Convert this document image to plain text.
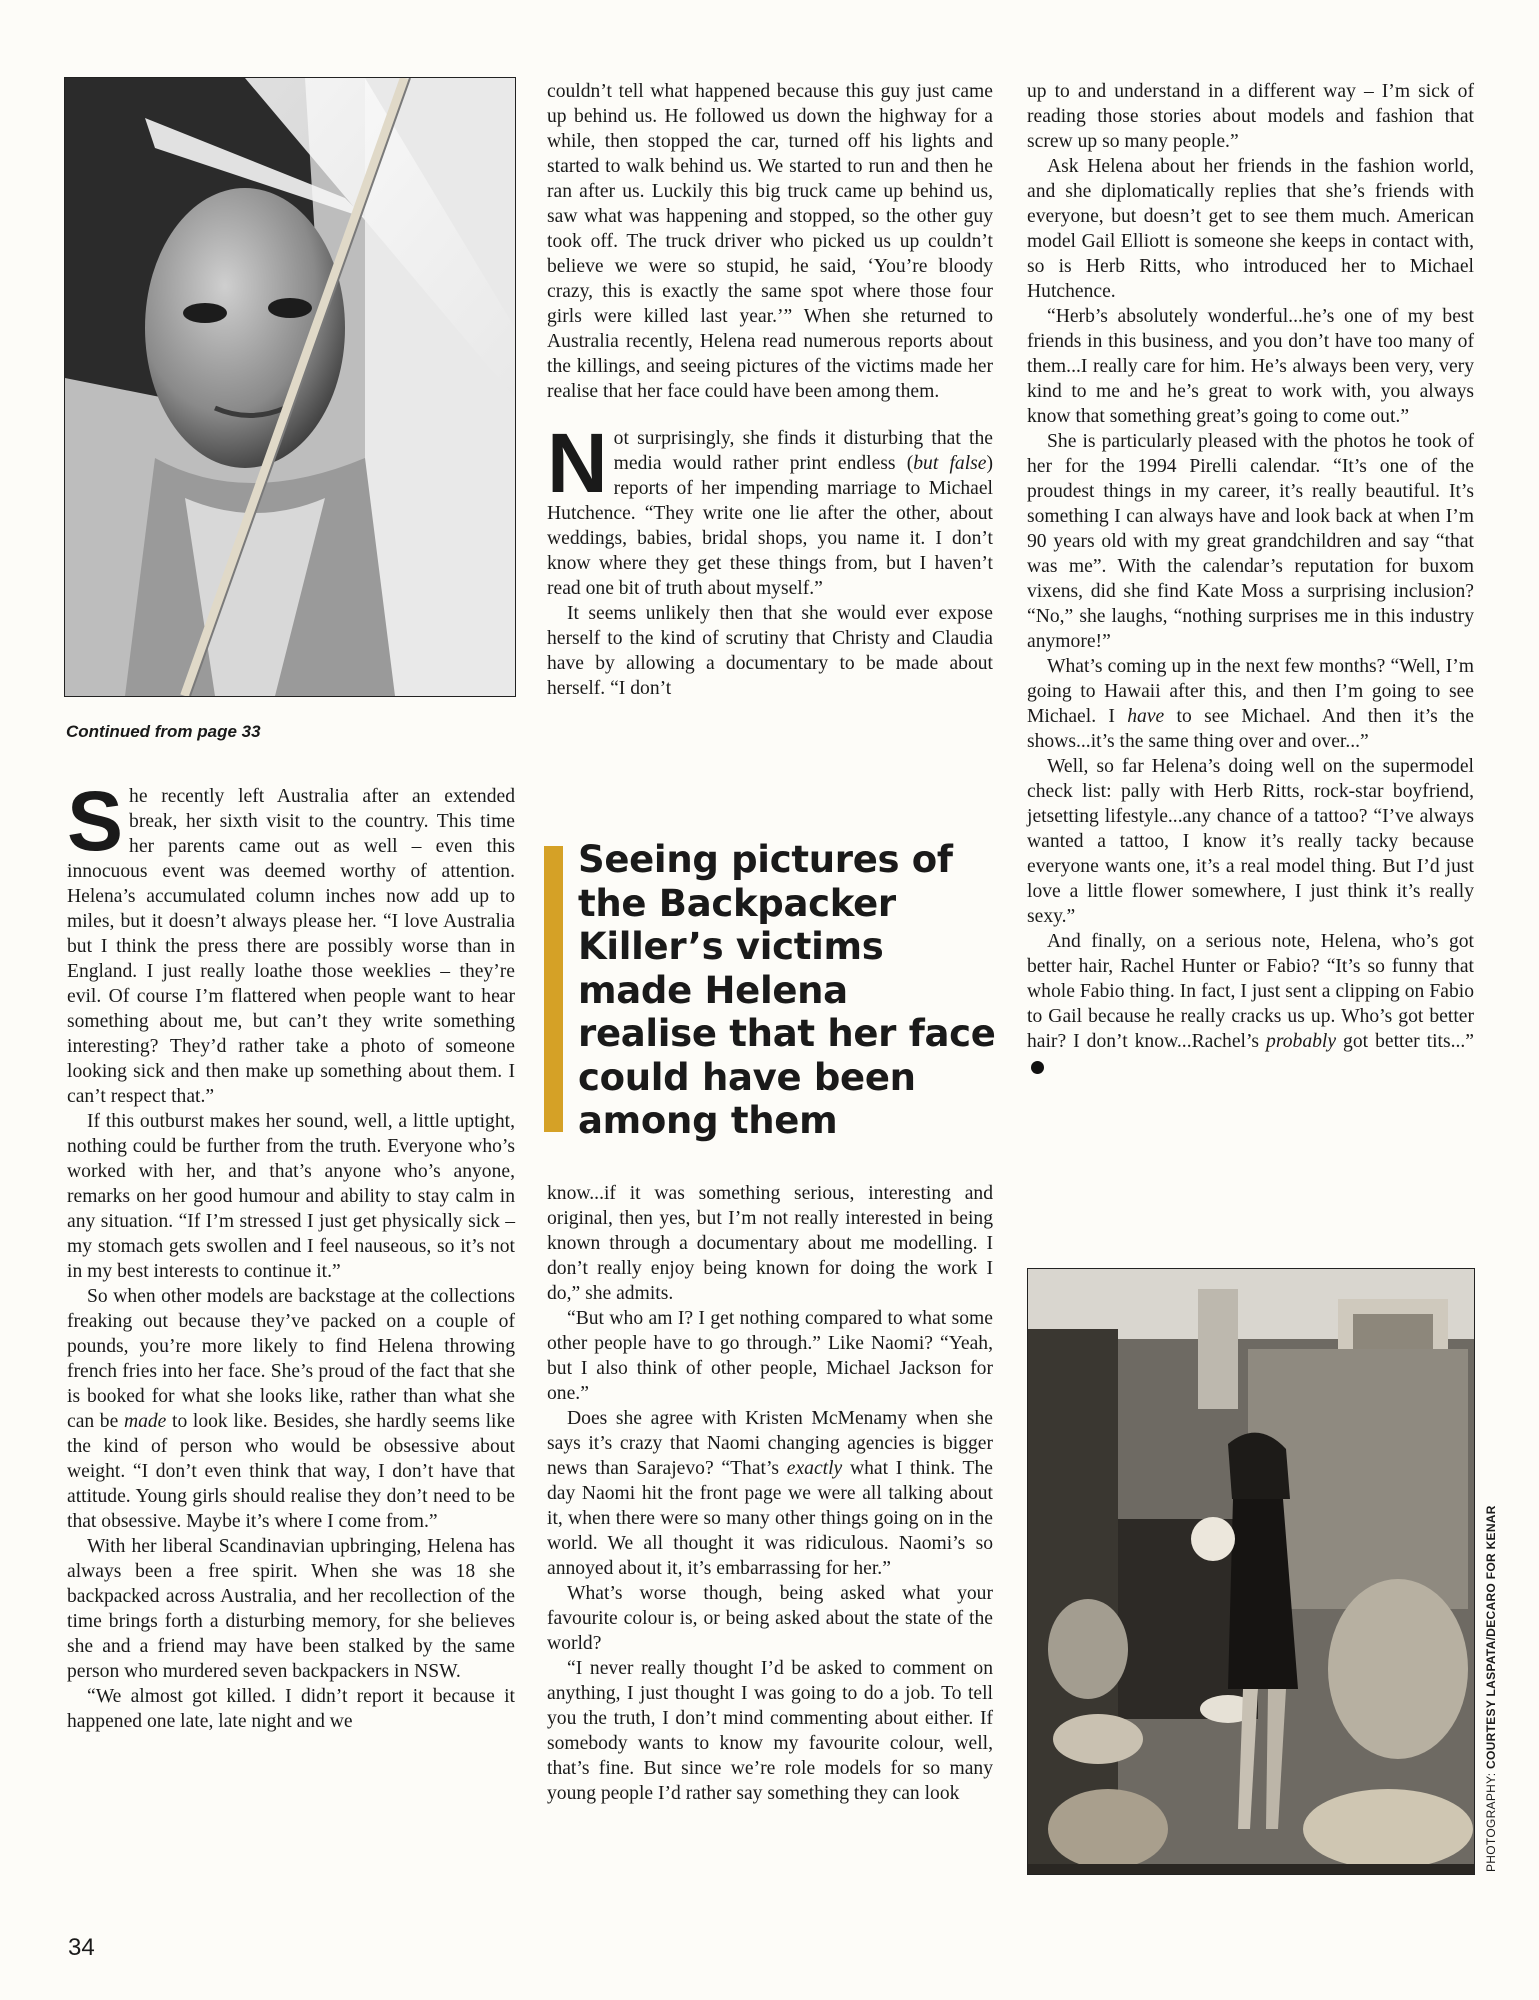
Continued from page 33

She recently left Australia after an extended break, her sixth visit to the country. This time her parents came out as well – even this innocuous event was deemed worthy of attention. Helena’s accumulated column inches now add up to miles, but it doesn’t always please her. “I love Australia but I think the press there are possibly worse than in England. I just really loathe those weeklies – they’re evil. Of course I’m flattered when people want to hear something about me, but can’t they write something interesting? They’d rather take a photo of someone looking sick and then make up something about them. I can’t respect that.”

If this outburst makes her sound, well, a little uptight, nothing could be further from the truth. Everyone who’s worked with her, and that’s anyone who’s anyone, remarks on her good humour and ability to stay calm in any situation. “If I’m stressed I just get physically sick – my stomach gets swollen and I feel nauseous, so it’s not in my best interests to continue it.”

So when other models are backstage at the collections freaking out because they’ve packed on a couple of pounds, you’re more likely to find Helena throwing french fries into her face. She’s proud of the fact that she is booked for what she looks like, rather than what she can be made to look like. Besides, she hardly seems like the kind of person who would be obsessive about weight. “I don’t even think that way, I don’t have that attitude. Young girls should realise they don’t need to be that obsessive. Maybe it’s where I come from.”

With her liberal Scandinavian upbringing, Helena has always been a free spirit. When she was 18 she backpacked across Australia, and her recollection of the time brings forth a disturbing memory, for she believes she and a friend may have been stalked by the same person who murdered seven backpackers in NSW.

“We almost got killed. I didn’t report it because it happened one late, late night and we

couldn’t tell what happened because this guy just came up behind us. He followed us down the highway for a while, then stopped the car, turned off his lights and started to walk behind us. We started to run and then he ran after us. Luckily this big truck came up behind us, saw what was happening and stopped, so the other guy took off. The truck driver who picked us up couldn’t believe we were so stupid, he said, ‘You’re bloody crazy, this is exactly the same spot where those four girls were killed last year.’” When she returned to Australia recently, Helena read numerous reports about the killings, and seeing pictures of the victims made her realise that her face could have been among them.

Not surprisingly, she finds it disturbing that the media would rather print endless (but false) reports of her impending marriage to Michael Hutchence. “They write one lie after the other, about weddings, babies, bridal shops, you name it. I don’t know where they get these things from, but I haven’t read one bit of truth about myself.”

It seems unlikely then that she would ever expose herself to the kind of scrutiny that Christy and Claudia have by allowing a documentary to be made about herself. “I don’t

Seeing pictures of the Backpacker Killer’s victims made Helena realise that her face could have been among them

know...if it was something serious, interesting and original, then yes, but I’m not really interested in being known through a documentary about me modelling. I don’t really enjoy being known for doing the work I do,” she admits.

“But who am I? I get nothing compared to what some other people have to go through.” Like Naomi? “Yeah, but I also think of other people, Michael Jackson for one.”

Does she agree with Kristen McMenamy when she says it’s crazy that Naomi changing agencies is bigger news than Sarajevo? “That’s exactly what I think. The day Naomi hit the front page we were all talking about it, when there were so many other things going on in the world. We all thought it was ridiculous. Naomi’s so annoyed about it, it’s embarrassing for her.”

What’s worse though, being asked what your favourite colour is, or being asked about the state of the world?

“I never really thought I’d be asked to comment on anything, I just thought I was going to do a job. To tell you the truth, I don’t mind commenting about either. If somebody wants to know my favourite colour, well, that’s fine. But since we’re role models for so many young people I’d rather say something they can look

up to and understand in a different way – I’m sick of reading those stories about models and fashion that screw up so many people.”

Ask Helena about her friends in the fashion world, and she diplomatically replies that she’s friends with everyone, but doesn’t get to see them much. American model Gail Elliott is someone she keeps in contact with, so is Herb Ritts, who introduced her to Michael Hutchence.

“Herb’s absolutely wonderful...he’s one of my best friends in this business, and you don’t have too many of them...I really care for him. He’s always been very, very kind to me and he’s great to work with, you always know that something great’s going to come out.”

She is particularly pleased with the photos he took of her for the 1994 Pirelli calendar. “It’s one of the proudest things in my career, it’s really beautiful. It’s something I can always have and look back at when I’m 90 years old with my great grandchildren and say “that was me”. With the calendar’s reputation for buxom vixens, did she find Kate Moss a surprising inclusion? “No,” she laughs, “nothing surprises me in this industry anymore!”

What’s coming up in the next few months? “Well, I’m going to Hawaii after this, and then I’m going to see Michael. I have to see Michael. And then it’s the shows...it’s the same thing over and over...”

Well, so far Helena’s doing well on the supermodel check list: pally with Herb Ritts, rock-star boyfriend, jetsetting lifestyle...any chance of a tattoo? “I’ve always wanted a tattoo, I know it’s really tacky because everyone wants one, it’s a real model thing. But I’d just love a little flower somewhere, I just think it’s really sexy.”

And finally, on a serious note, Helena, who’s got better hair, Rachel Hunter or Fabio? “It’s so funny that whole Fabio thing. In fact, I just sent a clipping on Fabio to Gail because he really cracks us up. Who’s got better hair? I don’t know...Rachel’s probably got better tits...”

PHOTOGRAPHY: COURTESY LASPATA/DECARO FOR KENAR
34
